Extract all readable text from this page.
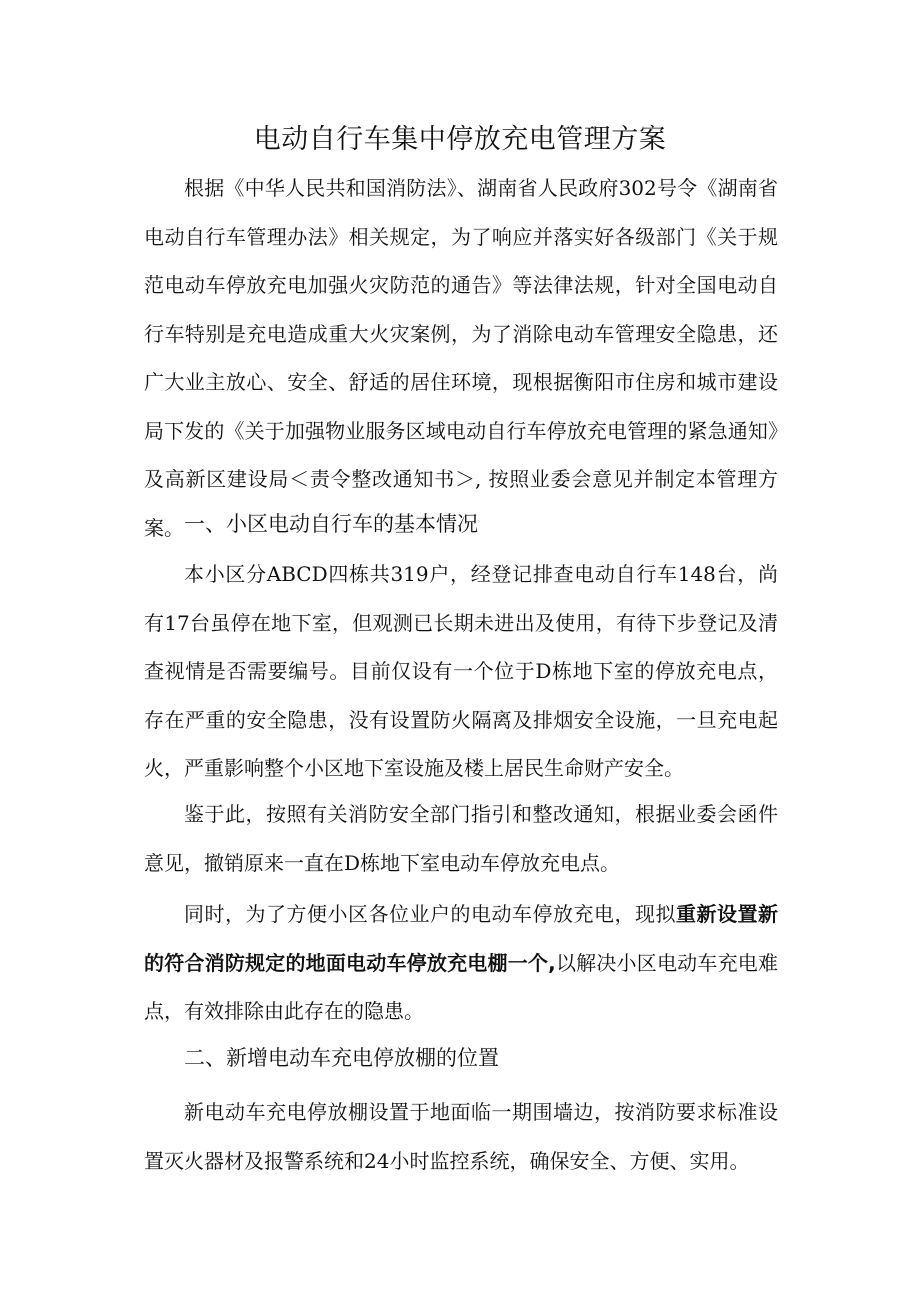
电动自行车集中停放充电管理方案

根据《中华人民共和国消防法》、湖南省人民政府302号令《湖南省电动自行车管理办法》相关规定，为了响应并落实好各级部门《关于规范电动车停放充电加强火灾防范的通告》等法律法规，针对全国电动自行车特别是充电造成重大火灾案例，为了消除电动车管理安全隐患，还广大业主放心、安全、舒适的居住环境，现根据衡阳市住房和城市建设局下发的《关于加强物业服务区域电动自行车停放充电管理的紧急通知》及高新区建设局＜责令整改通知书＞, 按照业委会意见并制定本管理方案。 一、小区电动自行车的基本情况

本小区分ABCD四栋共319户，经登记排查电动自行车148台，尚有17台虽停在地下室，但观测已长期未进出及使用，有待下步登记及清查视情是否需要编号。目前仅设有一个位于D栋地下室的停放充电点，存在严重的安全隐患，没有设置防火隔离及排烟安全设施，一旦充电起火，严重影响整个小区地下室设施及楼上居民生命财产安全。

鉴于此，按照有关消防安全部门指引和整改通知，根据业委会函件意见，撤销原来一直在D栋地下室电动车停放充电点。

同时，为了方便小区各位业户的电动车停放充电，现拟重新设置新的符合消防规定的地面电动车停放充电棚一个,以解决小区电动车充电难点，有效排除由此存在的隐患。

二、新增电动车充电停放棚的位置

新电动车充电停放棚设置于地面临一期围墙边，按消防要求标准设置灭火器材及报警系统和24小时监控系统，确保安全、方便、实用。
